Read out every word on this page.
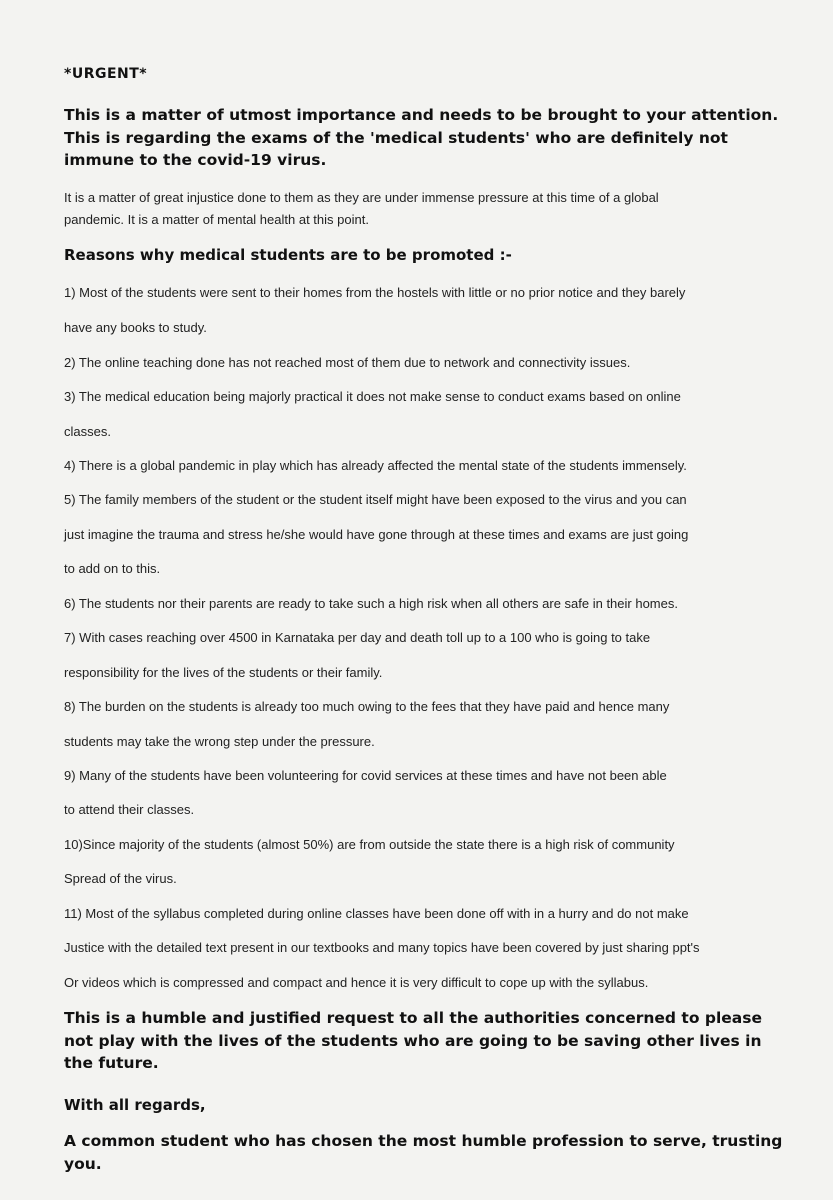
*URGENT*

This is a matter of utmost importance and needs to be brought to your attention.
This is regarding the exams of the 'medical students' who are definitely not
immune to the covid-19 virus.

It is a matter of great injustice done to them as they are under immense pressure at this time of a global

pandemic. It is a matter of mental health at this point.

Reasons why medical students are to be promoted :-

1) Most of the students were sent to their homes from the hostels with little or no prior notice and they barely

have any books to study.

2) The online teaching done has not reached most of them due to network and connectivity issues.

3) The medical education being majorly practical it does not make sense to conduct exams based on online

classes.

4) There is a global pandemic in play which has already affected the mental state of the students immensely.

5) The family members of the student or the student itself might have been exposed to the virus and you can

just imagine the trauma and stress he/she would have gone through at these times and exams are just going

to add on to this.

6) The students nor their parents are ready to take such a high risk when all others are safe in their homes.

7) With cases reaching over 4500 in Karnataka per day and death toll up to a 100 who is going to take

responsibility for the lives of the students or their family.

8) The burden on the students is already too much owing to the fees that they have paid and hence many

students may take the wrong step under the pressure.

9) Many of the students have been volunteering for covid services at these times and have not been able

to attend their classes.

10)Since majority of the students (almost 50%) are from outside the state there is a high risk of community

Spread of the virus.

11) Most of the syllabus completed during online classes have been done off with in a hurry and do not make

Justice with the detailed text present in our textbooks and many topics have been covered by just sharing ppt's

Or videos which is compressed and compact and hence it is very difficult to cope up with the syllabus.

This is a humble and justified request to all the authorities concerned to please
not play with the lives of the students who are going to be saving other lives in
the future.

With all regards,

A common student who has chosen the most humble profession to serve, trusting
you.
